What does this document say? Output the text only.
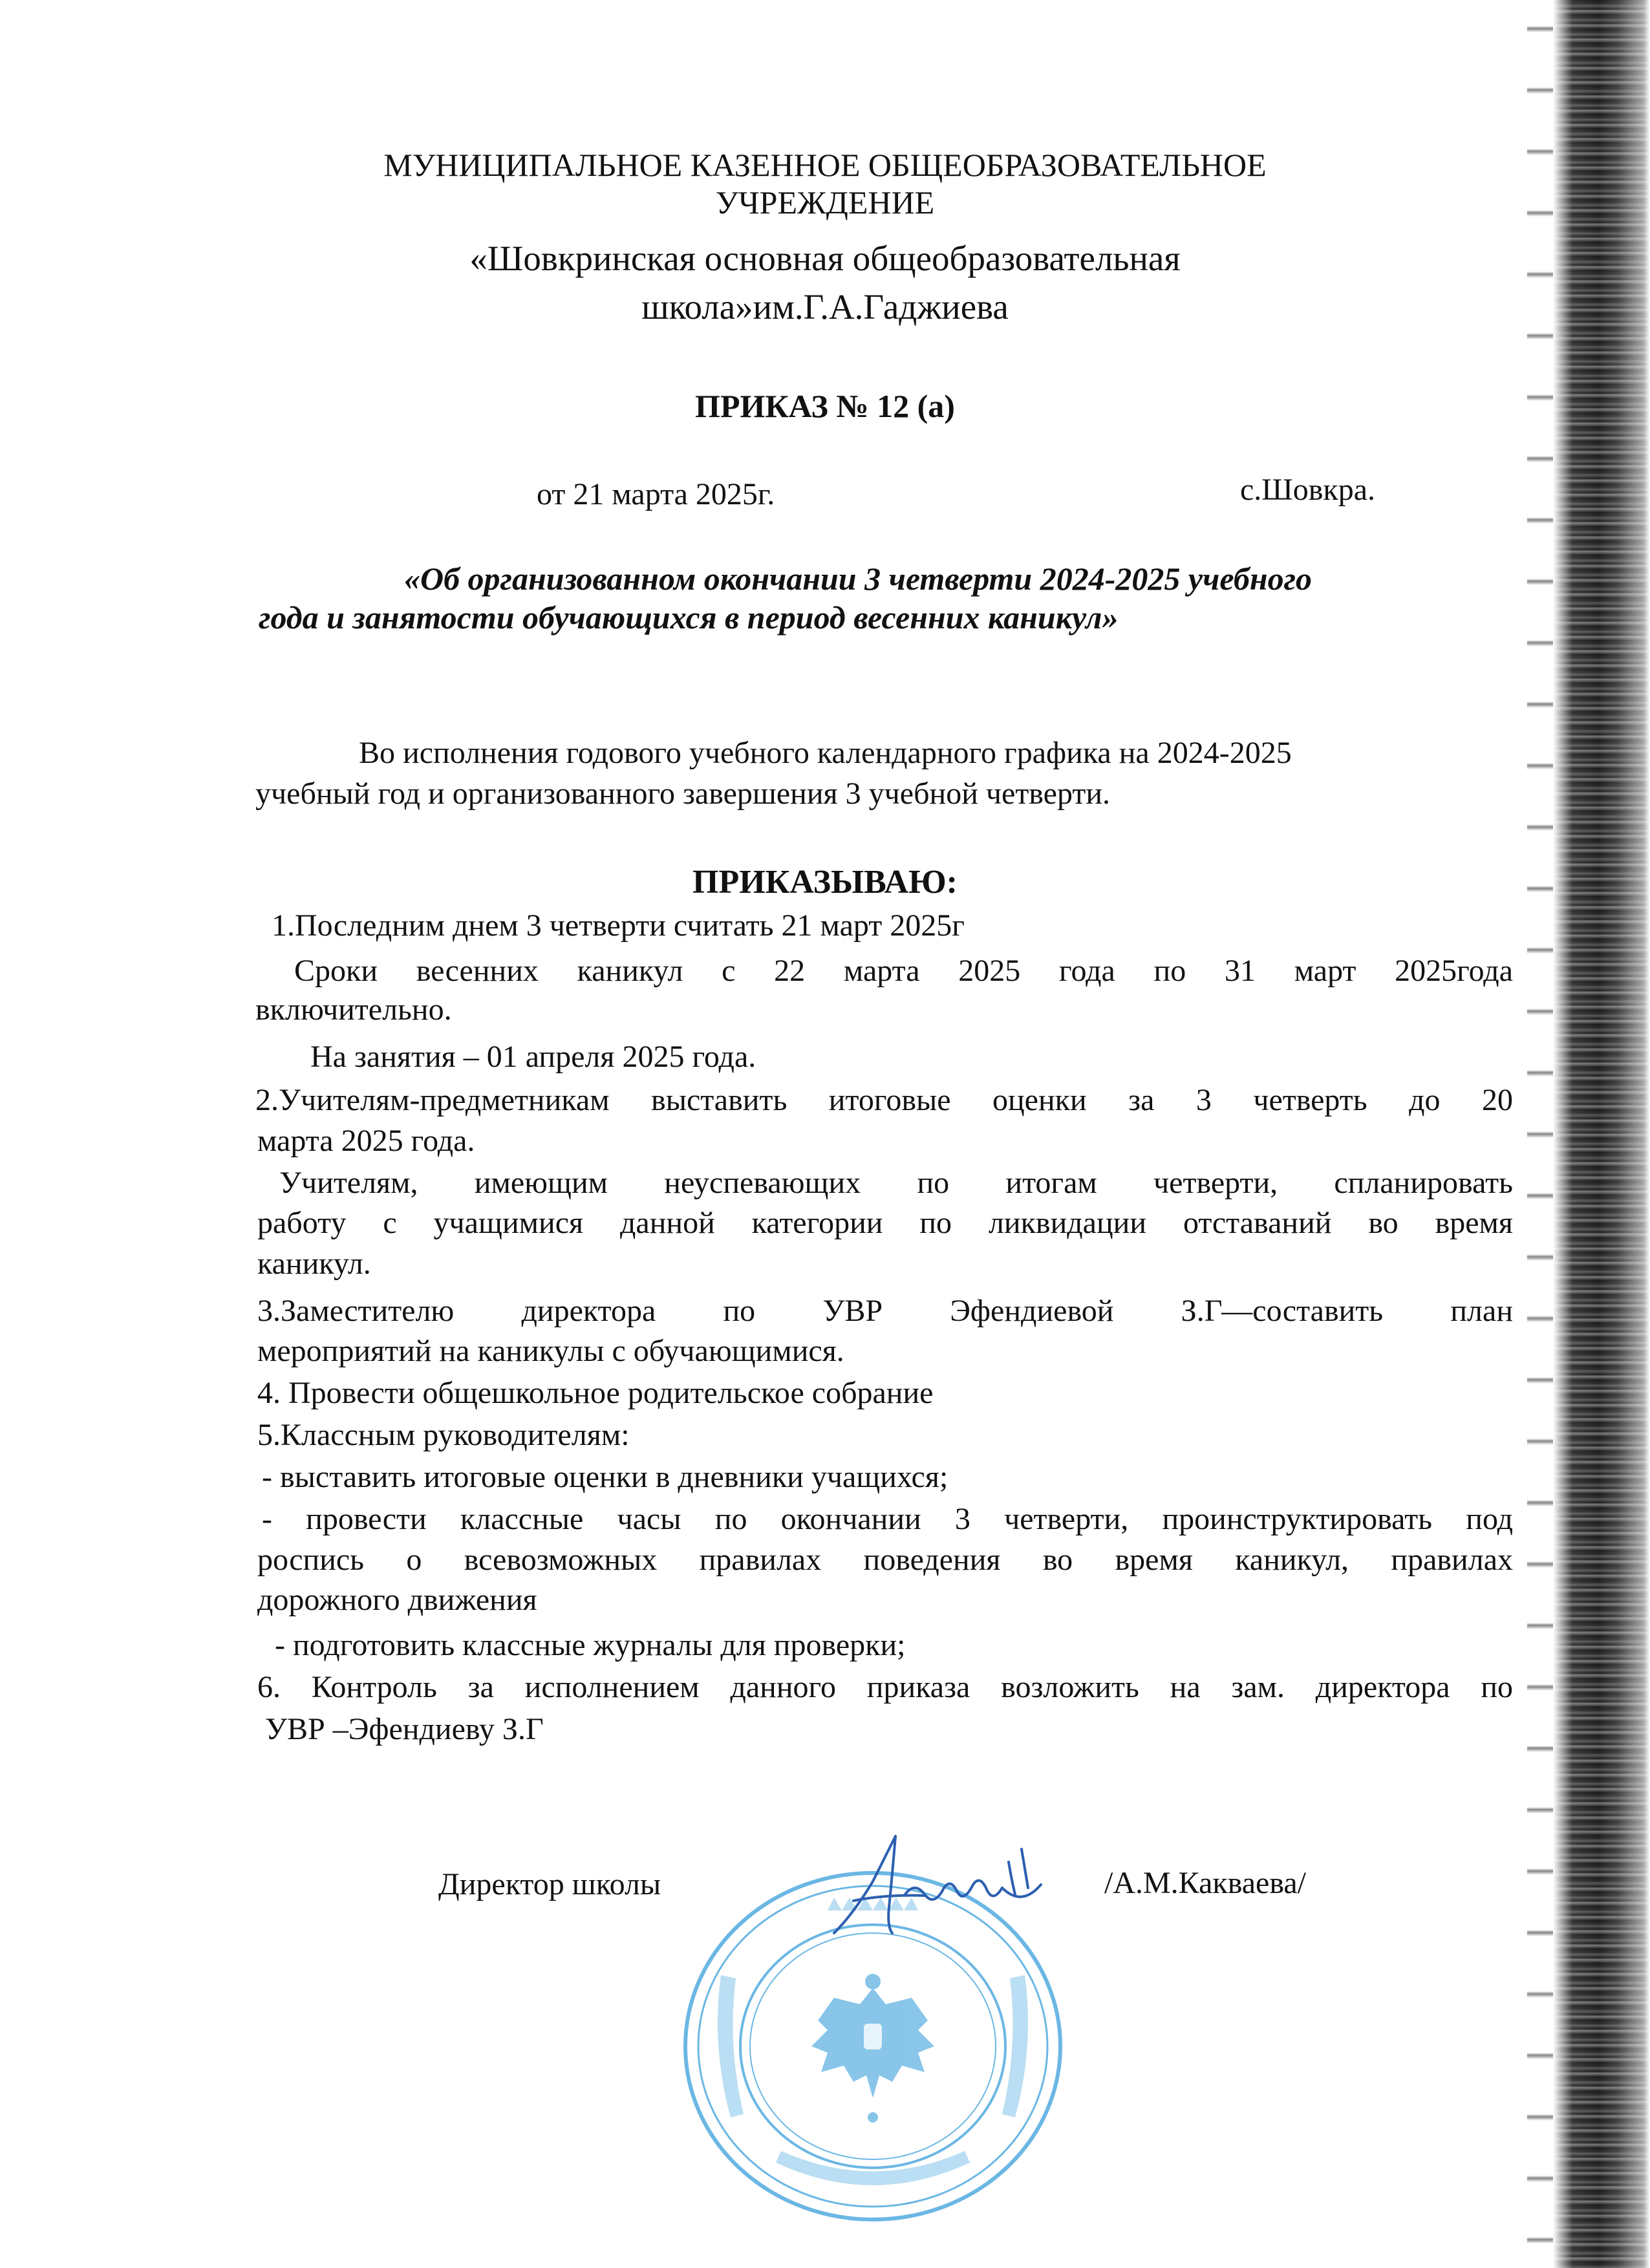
МУНИЦИПАЛЬНОЕ КАЗЕННОЕ ОБЩЕОБРАЗОВАТЕЛЬНОЕ
УЧРЕЖДЕНИЕ
«Шовкринская основная общеобразовательная
школа»им.Г.А.Гаджиева
ПРИКАЗ № 12 (а)
от 21 марта 2025г.	с.Шовкра.
«Об организованном окончании 3 четверти 2024-2025 учебного
года и занятости обучающихся в период весенних каникул»
Во исполнения годового учебного календарного графика на 2024-2025
учебный год и организованного завершения 3 учебной четверти.
ПРИКАЗЫВАЮ:
1.Последним днем 3 четверти считать 21 март 2025г
Сроки весенних каникул с 22 марта 2025 года по 31 март 2025года
включительно.
На занятия – 01 апреля 2025 года.
2.Учителям-предметникам выставить итоговые оценки за 3 четверть до 20
марта 2025 года.
Учителям, имеющим неуспевающих по итогам четверти, спланировать
работу с учащимися данной категории по ликвидации отставаний во время
каникул.
3.Заместителю директора по УВР Эфендиевой З.Г—составить план
мероприятий на каникулы с обучающимися.
4. Провести общешкольное родительское собрание
5.Классным руководителям:
- выставить итоговые оценки в дневники учащихся;
- провести классные часы по окончании 3 четверти, проинструктировать под
роспись о всевозможных правилах поведения во время каникул, правилах
дорожного движения
- подготовить классные журналы для проверки;
6. Контроль за исполнением данного приказа возложить на зам. директора по
УВР –Эфендиеву З.Г
Директор школы	/А.М.Какваева/
